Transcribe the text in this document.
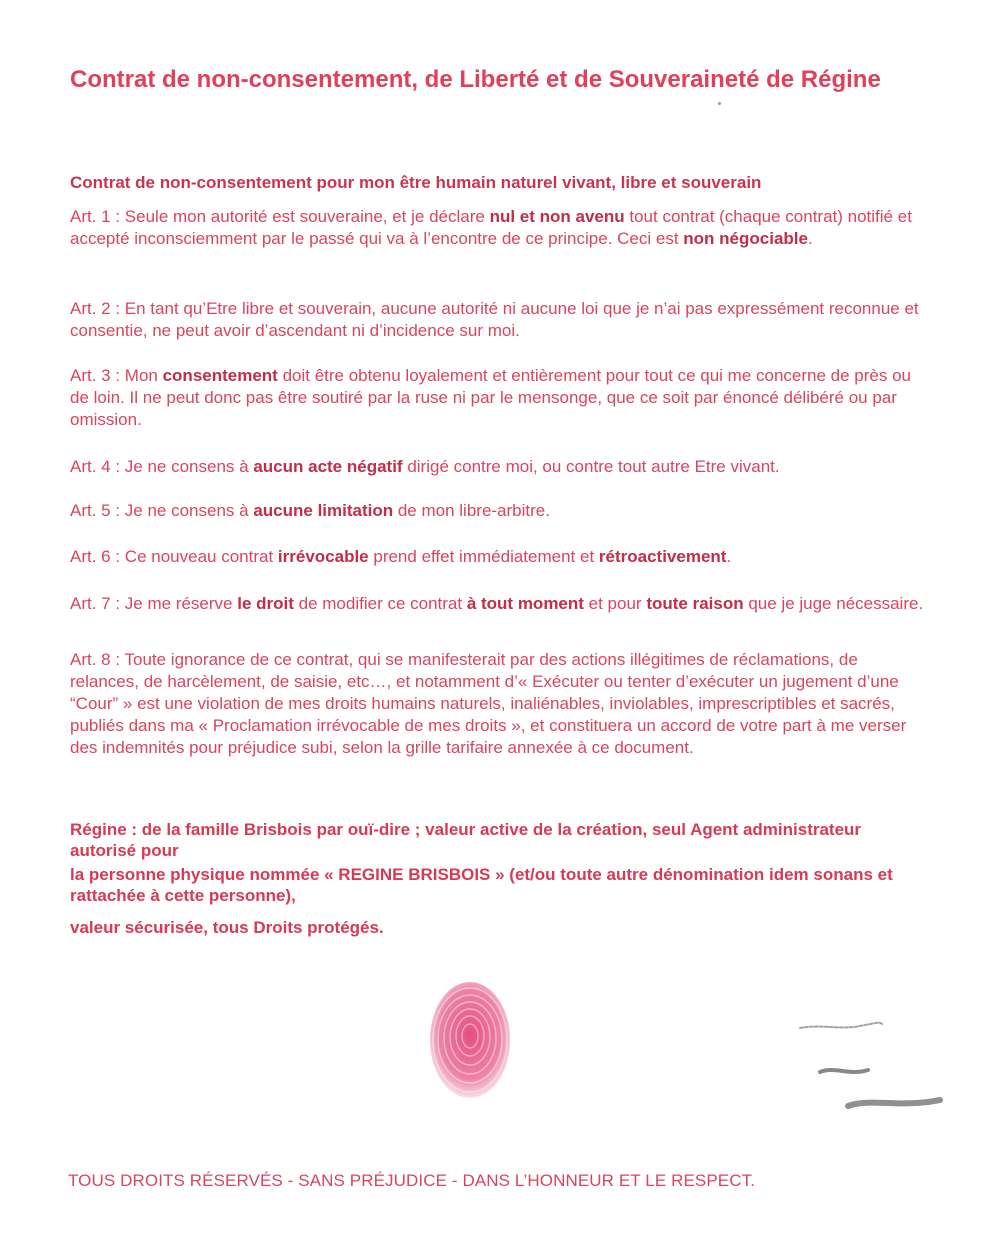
Contrat de non-consentement, de Liberté et de Souveraineté de Régine
Contrat de non-consentement pour mon être humain naturel vivant, libre et souverain

Art. 1 : Seule mon autorité est souveraine, et je déclare nul et non avenu tout contrat (chaque contrat) notifié et accepté inconsciemment par le passé qui va à l’encontre de ce principe. Ceci est non négociable.

Art. 2 : En tant qu’Etre libre et souverain, aucune autorité ni aucune loi que je n’ai pas expressément reconnue et consentie, ne peut avoir d’ascendant ni d’incidence sur moi.

Art. 3 : Mon consentement doit être obtenu loyalement et entièrement pour tout ce qui me concerne de près ou de loin. Il ne peut donc pas être soutiré par la ruse ni par le mensonge, que ce soit par énoncé délibéré ou par omission.

Art. 4 : Je ne consens à aucun acte négatif dirigé contre moi, ou contre tout autre Etre vivant.

Art. 5 : Je ne consens à aucune limitation de mon libre-arbitre.

Art. 6 : Ce nouveau contrat irrévocable prend effet immédiatement et rétroactivement.

Art. 7 : Je me réserve le droit de modifier ce contrat à tout moment et pour toute raison que je juge nécessaire.

Art. 8 : Toute ignorance de ce contrat, qui se manifesterait par des actions illégitimes de réclamations, de relances, de harcèlement, de saisie, etc…, et notamment d’« Exécuter ou tenter d’exécuter un jugement d’une “Cour” » est une violation de mes droits humains naturels, inaliénables, inviolables, imprescriptibles et sacrés, publiés dans ma « Proclamation irrévocable de mes droits », et constituera un accord de votre part à me verser des indemnités pour préjudice subi, selon la grille tarifaire annexée à ce document.

Régine : de la famille Brisbois par ouï-dire ; valeur active de la création, seul Agent administrateur autorisé pour

la personne physique nommée « REGINE BRISBOIS » (et/ou toute autre dénomination idem sonans et rattachée à cette personne),

valeur sécurisée, tous Droits protégés.

TOUS DROITS RÉSERVÉS - SANS PRÉJUDICE - DANS L’HONNEUR ET LE RESPECT.
